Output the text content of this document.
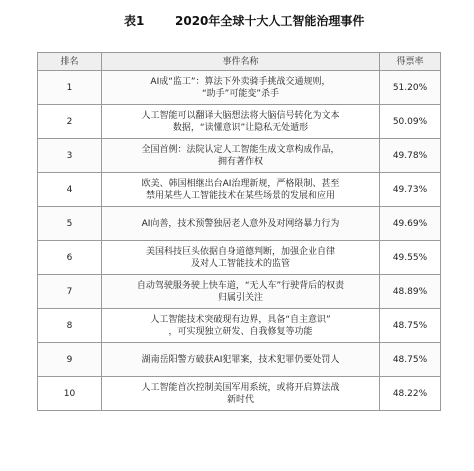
表1	2020年全球十大人工智能治理事件
排名	事件名称	得票率
1	AI成“监工”：算法下外卖骑手挑战交通规则，
“助手”可能变”杀手	51.20%
2	人工智能可以翻译大脑想法将大脑信号转化为文本
数据，“读懂意识”让隐私无处遁形	50.09%
3	全国首例：法院认定人工智能生成文章构成作品，
拥有著作权	49.78%
4	欧美、韩国相继出台AI治理新规，严格限制、甚至
禁用某些人工智能技术在某些场景的发展和应用	49.73%
5	AI向善，技术预警独居老人意外及对网络暴力行为	49.69%
6	美国科技巨头依据自身道德判断，加强企业自律
及对人工智能技术的监管	49.55%
7	自动驾驶服务驶上快车道，“无人车”行驶背后的权责
归属引关注	48.89%
8	人工智能技术突破现有边界，具备“自主意识”
，可实现独立研发、自我修复等功能	48.75%
9	湖南岳阳警方破获AI犯罪案，技术犯罪仍要处罚人	48.75%
10	人工智能首次控制美国军用系统，或将开启算法战
新时代	48.22%
